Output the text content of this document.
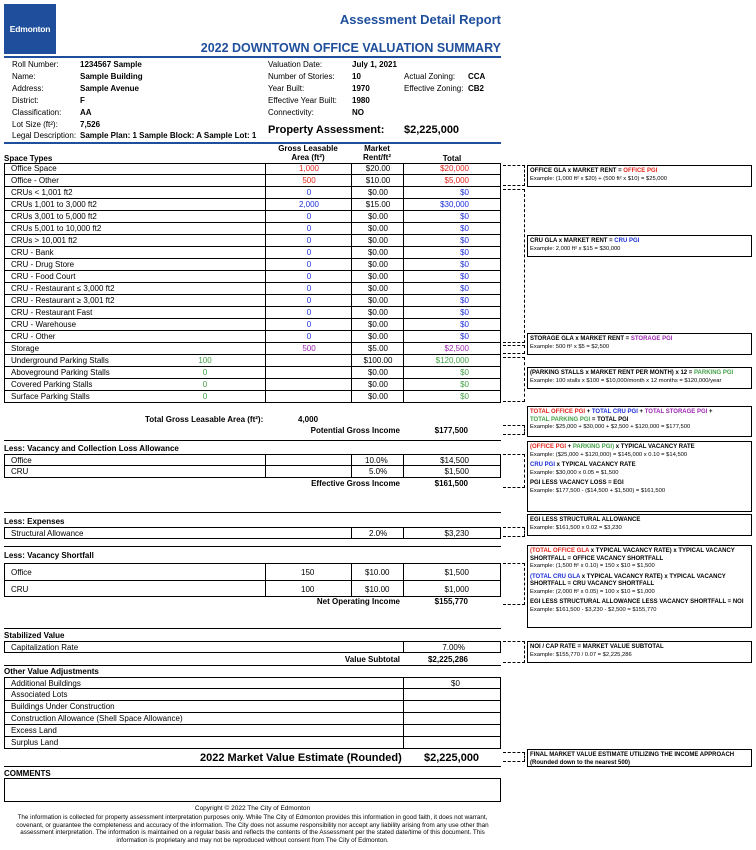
Edmonton
Assessment Detail Report
2022 DOWNTOWN OFFICE VALUATION SUMMARY
Roll Number:	1234567 Sample
Name:	Sample Building
Address:	Sample Avenue
District:	F
Classification: AA
Lot Size (ft²):	7,526
Legal Description: Sample Plan: 1 Sample Block: A Sample Lot: 1
Valuation Date:	July 1, 2021
Number of Stories: 10
Year Built:	1970
Effective Year Built: 1980
Connectivity:	NO
Actual Zoning: CCA
Effective Zoning: CB2
Property Assessment: $2,225,000
Space Types
Gross Leasable
Area (ft²)
Market
Rent/ft²	Total
Office Space	1,000	$20.00	$20,000
Office - Other	500	$10.00	$5,000
CRUs < 1,001 ft2	0	$0.00	$0
CRUs 1,001 to 3,000 ft2	2,000	$15.00	$30,000
CRUs 3,001 to 5,000 ft2	0	$0.00	$0
CRUs 5,001 to 10,000 ft2	0	$0.00	$0
CRUs > 10,001 ft2	0	$0.00	$0
CRU - Bank	0	$0.00	$0
CRU - Drug Store	0	$0.00	$0
CRU - Food Court	0	$0.00	$0
CRU - Restaurant ≤ 3,000 ft2	0	$0.00	$0
CRU - Restaurant ≥ 3,001 ft2	0	$0.00	$0
CRU - Restaurant Fast	0	$0.00	$0
CRU - Warehouse	0	$0.00	$0
CRU - Other	0	$0.00	$0
Storage	500	$5.00	$2,500
Underground Parking Stalls	100	$100.00	$120,000
Aboveground Parking Stalls	0	$0.00	$0
Covered Parking Stalls	0	$0.00	$0
Surface Parking Stalls	0	$0.00	$0
OFFICE GLA x MARKET RENT = OFFICE PGI
Example: (1,000 ft² x $20) + (500 ft² x $10) = $25,000
CRU GLA x MARKET RENT = CRU PGI
Example: 2,000 ft² x $15 = $30,000
STORAGE GLA x MARKET RENT = STORAGE PGI
Example: 500 ft² x $5 = $2,500
(PARKING STALLS x MARKET RENT PER MONTH) x 12 = PARKING PGI
Example: 100 stalls x $100 = $10,000/month x 12 months = $120,000/year
Total Gross Leasable Area (ft²):	4,000
Potential Gross Income	$177,500
TOTAL OFFICE PGI + TOTAL CRU PGI + TOTAL STORAGE PGI +
TOTAL PARKING PGI = TOTAL PGI
Example: $25,000 + $30,000 + $2,500 + $120,000 = $177,500
Less: Vacancy and Collection Loss Allowance
Office	10.0%	$14,500
CRU	5.0%	$1,500
Effective Gross Income	$161,500
(OFFICE PGI + PARKING PGI) x TYPICAL VACANCY RATE
Example: ($25,000 + $120,000) = $145,000 x 0.10 = $14,500
CRU PGI x TYPICAL VACANCY RATE
Example: $30,000 x 0.05 = $1,500
PGI LESS VACANCY LOSS = EGI
Example: $177,500 - ($14,500 + $1,500) = $161,500
Less: Expenses
Structural Allowance	2.0%	$3,230
EGI LESS STRUCTURAL ALLOWANCE
Example: $161,500 x 0.02 = $3,230
Less: Vacancy Shortfall
Office	150	$10.00	$1,500
CRU	100	$10.00	$1,000
Net Operating Income	$155,770
(TOTAL OFFICE GLA x TYPICAL VACANCY RATE) x TYPICAL VACANCY SHORTFALL = OFFICE VACANCY SHORTFALL
Example: (1,500 ft² x 0.10) = 150 x $10 = $1,500
(TOTAL CRU GLA x TYPICAL VACANCY RATE) x TYPICAL VACANCY SHORTFALL = CRU VACANCY SHORTFALL
Example: (2,000 ft² x 0.05) = 100 x $10 = $1,000
EGI LESS STRUCTURAL ALLOWANCE LESS VACANCY SHORTFALL = NOI
Example: $161,500 - $3,230 - $2,500 = $155,770
Stabilized Value
Capitalization Rate	7.00%
Value Subtotal	$2,225,286
NOI / CAP RATE = MARKET VALUE SUBTOTAL
Example: $155,770 / 0.07 = $2,225,286
Other Value Adjustments
Additional Buildings	$0
Associated Lots
Buildings Under Construction
Construction Allowance (Shell Space Allowance)
Excess Land
Surplus Land
2022 Market Value Estimate (Rounded) $2,225,000	FINAL MARKET VALUE ESTIMATE UTILIZING THE INCOME APPROACH
(Rounded down to the nearest 500)
COMMENTS
Copyright © 2022 The City of Edmonton
The information is collected for property assessment interpretation purposes only. While The City of Edmonton provides this information in good faith, it does not warrant, covenant, or guarantee the completeness and accuracy of the information. The City does not assume responsibility nor accept any liability arising from any use other than assessment interpretation. The information is maintained on a regular basis and reflects the contents of the Assessment per the stated date/time of this document. This information is proprietary and may not be reproduced without consent from The City of Edmonton.
